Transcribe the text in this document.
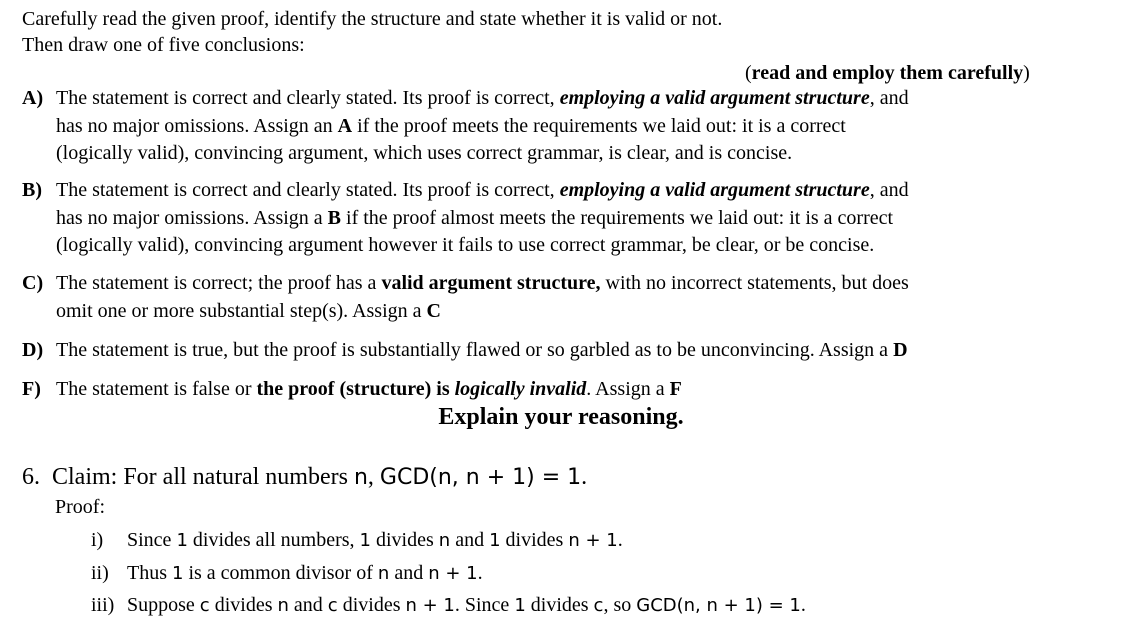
Carefully read the given proof, identify the structure and state whether it is valid or not.
Then draw one of five conclusions:
(read and employ them carefully)
A) The statement is correct and clearly stated. Its proof is correct, employing a valid argument structure, and
has no major omissions. Assign an A if the proof meets the requirements we laid out: it is a correct
(logically valid), convincing argument, which uses correct grammar, is clear, and is concise.
B) The statement is correct and clearly stated. Its proof is correct, employing a valid argument structure, and
has no major omissions. Assign a B if the proof almost meets the requirements we laid out: it is a correct
(logically valid), convincing argument however it fails to use correct grammar, be clear, or be concise.
C) The statement is correct; the proof has a valid argument structure, with no incorrect statements, but does
omit one or more substantial step(s). Assign a C
D) The statement is true, but the proof is substantially flawed or so garbled as to be unconvincing. Assign a D
F) The statement is false or the proof (structure) is logically invalid. Assign a F
Explain your reasoning.
6. Claim: For all natural numbers n, GCD(n, n + 1) = 1.
Proof:
i) Since 1 divides all numbers, 1 divides n and 1 divides n + 1.
ii) Thus 1 is a common divisor of n and n + 1.
iii) Suppose c divides n and c divides n + 1. Since 1 divides c, so GCD(n, n + 1) = 1.
